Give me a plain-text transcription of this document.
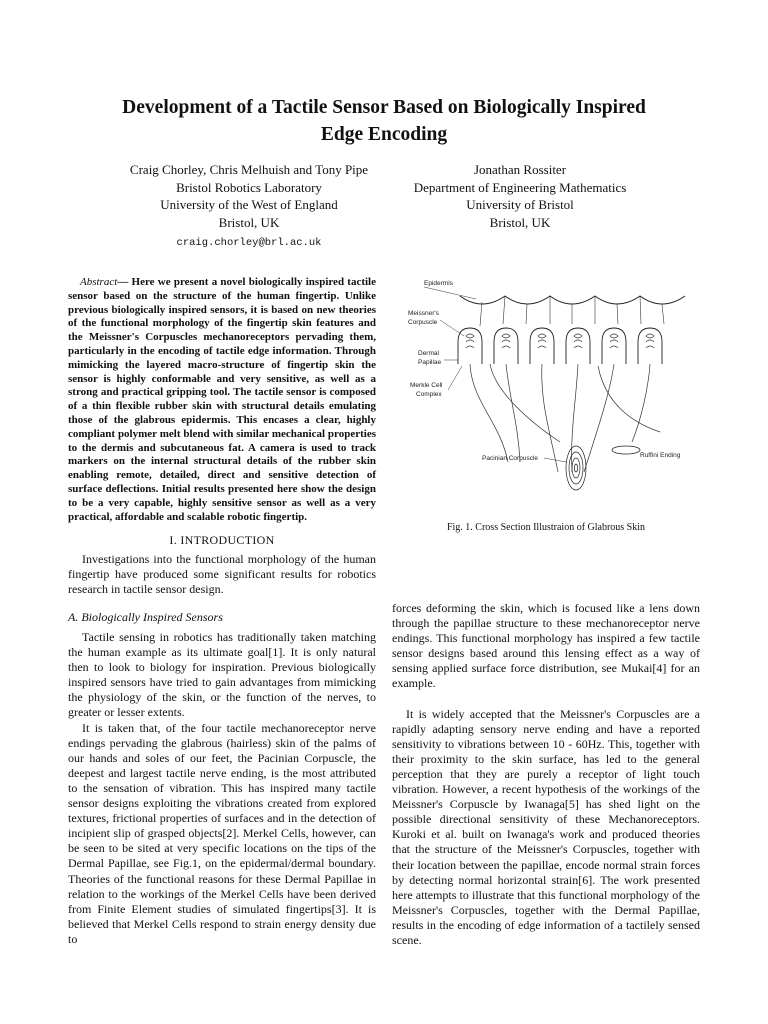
Development of a Tactile Sensor Based on Biologically Inspired
Edge Encoding
Craig Chorley, Chris Melhuish and Tony Pipe
Bristol Robotics Laboratory
University of the West of England
Bristol, UK
craig.chorley@brl.ac.uk
Jonathan Rossiter
Department of Engineering Mathematics
University of Bristol
Bristol, UK

Abstract— Here we present a novel biologically inspired tactile sensor based on the structure of the human fingertip. Unlike previous biologically inspired sensors, it is based on new theories of the functional morphology of the fingertip skin features and the Meissner's Corpuscles mechanoreceptors pervading them, particularly in the encoding of tactile edge information. Through mimicking the layered macro-structure of fingertip skin the sensor is highly conformable and very sensitive, as well as a strong and practical gripping tool. The tactile sensor is composed of a thin flexible rubber skin with structural details emulating those of the glabrous epidermis. This encases a clear, highly compliant polymer melt blend with similar mechanical properties to the dermis and subcutaneous fat. A camera is used to track markers on the internal structural details of the rubber skin enabling remote, detailed, direct and sensitive detection of surface deflections. Initial results presented here show the design to be a very capable, highly sensitive sensor as well as a very practical, affordable and scalable robotic fingertip.

I. INTRODUCTION

Investigations into the functional morphology of the human fingertip have produced some significant results for robotics research in tactile sensor design.

A. Biologically Inspired Sensors

Tactile sensing in robotics has traditionally taken matching the human example as its ultimate goal[1]. It is only natural then to look to biology for inspiration. Previous biologically inspired sensors have tried to gain advantages from mimicking the physiology of the skin, or the function of the nerves, to greater or lesser extents.

It is taken that, of the four tactile mechanoreceptor nerve endings pervading the glabrous (hairless) skin of the palms of our hands and soles of our feet, the Pacinian Corpuscle, the deepest and largest tactile nerve ending, is the most attributed to the sensation of vibration. This has inspired many tactile sensor designs exploiting the vibrations created from explored textures, frictional properties of surfaces and in the detection of incipient slip of grasped objects[2]. Merkel Cells, however, can be seen to be sited at very specific locations on the tips of the Dermal Papillae, see Fig.1, on the epidermal/dermal boundary. Theories of the functional reasons for these Dermal Papillae in relation to the workings of the Merkel Cells have been derived from Finite Element studies of simulated fingertips[3]. It is believed that Merkel Cells respond to strain energy density due to

forces deforming the skin, which is focused like a lens down through the papillae structure to these mechanoreceptor nerve endings. This functional morphology has inspired a few tactile sensor designs based around this lensing effect as a way of sensing applied surface force distribution, see Mukai[4] for an example.

It is widely accepted that the Meissner's Corpuscles are a rapidly adapting sensory nerve ending and have a reported sensitivity to vibrations between 10 - 60Hz. This, together with their proximity to the skin surface, has led to the general perception that they are purely a receptor of light touch vibration. However, a recent hypothesis of the workings of the Meissner's Corpuscle by Iwanaga[5] has shed light on the possible directional sensitivity of these Mechanoreceptors. Kuroki et al. built on Iwanaga's work and produced theories that the structure of the Meissner's Corpuscles, together with their location between the papillae, encode normal strain forces by detecting normal horizontal strain[6]. The work presented here attempts to illustrate that this functional morphology of the Meissner's Corpuscles, together with the Dermal Papillae, results in the encoding of edge information of a tactilely sensed scene.

Epidermis
Meissner's
Corpuscle
Dermal
Papillae
Merkle Cell
Complex
Pacinian Corpuscle	Ruffini Ending
Fig. 1. Cross Section Illustraion of Glabrous Skin
